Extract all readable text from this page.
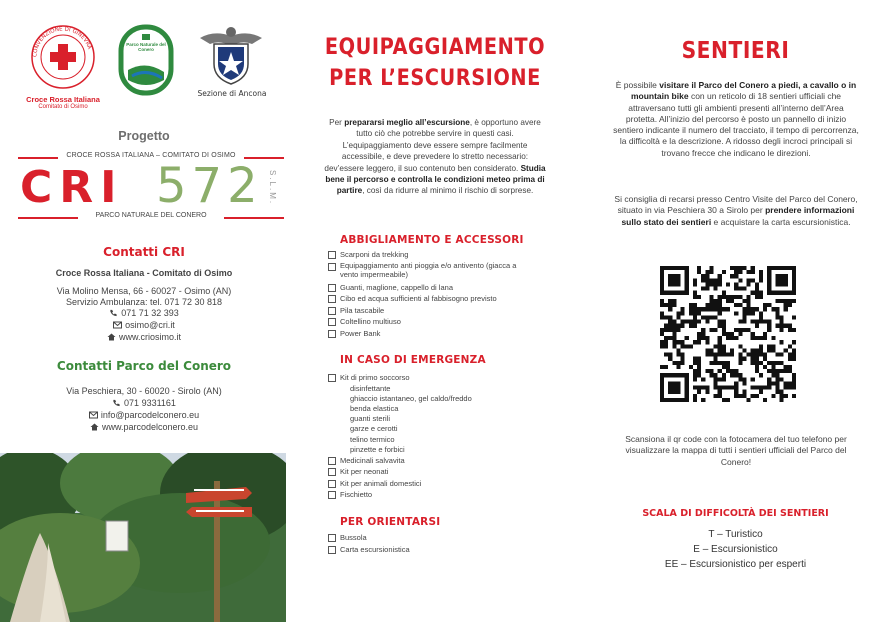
CONVENZIONE DI GINEVRA
Croce Rossa Italiana
Comitato di Osimo
Parco Naturale del Conero
Sezione di Ancona
Progetto
CROCE ROSSA ITALIANA – COMITATO DI OSIMO
CRI 572 S.L.M.
PARCO NATURALE DEL CONERO
Contatti CRI
Croce Rossa Italiana - Comitato di Osimo
Via Molino Mensa, 66 - 60027 - Osimo (AN)
Servizio Ambulanza: tel. 071 72 30 818
071 71 32 393
osimo@cri.it
www.criosimo.it
Contatti Parco del Conero
Via Peschiera, 30 - 60020 - Sirolo (AN)
071 9331161
info@parcodelconero.eu
www.parcodelconero.eu
EQUIPAGGIAMENTO
PER L’ESCURSIONE
Per prepararsi meglio all’escursione, è opportuno avere tutto ciò che potrebbe servire in questi casi. L’equipaggiamento deve essere sempre facilmente accessibile, e deve prevedere lo stretto necessario: dev’essere leggero, il suo contenuto ben considerato. Studia bene il percorso e controlla le condizioni meteo prima di partire, così da ridurre al minimo il rischio di sorprese.
ABBIGLIAMENTO E ACCESSORI
Scarponi da trekking
Equipaggiamento anti pioggia e/o antivento (giacca a vento impermeabile)
Guanti, maglione, cappello di lana
Cibo ed acqua sufficienti al fabbisogno previsto
Pila tascabile
Coltellino multiuso
Power Bank
IN CASO DI EMERGENZA
Kit di primo soccorso
disinfettante
ghiaccio istantaneo, gel caldo/freddo
benda elastica
guanti sterili
garze e cerotti
telino termico
pinzette e forbici
Medicinali salvavita
Kit per neonati
Kit per animali domestici
Fischietto
PER ORIENTARSI
Bussola
Carta escursionistica
SENTIERI
È possibile visitare il Parco del Conero a piedi, a cavallo o in mountain bike con un reticolo di 18 sentieri ufficiali che attraversano tutti gli ambienti presenti all’interno dell’Area protetta. All’inizio del percorso è posto un pannello di inizio sentiero indicante il numero del tracciato, il tempo di percorrenza, la difficoltà e la descrizione. A ridosso degli incroci principali si trovano frecce che indicano le direzioni.
Si consiglia di recarsi presso Centro Visite del Parco del Conero, situato in via Peschiera 30 a Sirolo per prendere informazioni sullo stato dei sentieri e acquistare la carta escursionistica.
Scansiona il qr code con la fotocamera del tuo telefono per visualizzare la mappa di tutti i sentieri ufficiali del Parco del Conero!
SCALA DI DIFFICOLTÀ DEI SENTIERI
T – Turistico
E – Escursionistico
EE – Escursionistico per esperti
